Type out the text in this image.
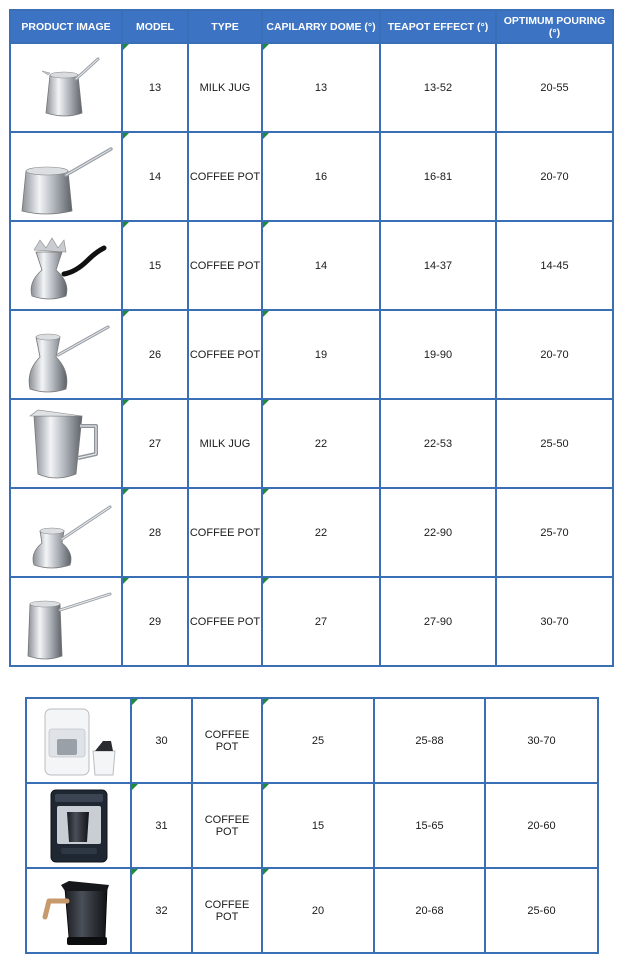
PRODUCT IMAGE	MODEL	TYPE	CAPILARRY DOME (°)	TEAPOT EFFECT (°)	OPTIMUM POURING (°)

13	MILK JUG	13	13-52	20-55

14	COFFEE POT	16	16-81	20-70

15	COFFEE POT	14	14-37	14-45

26	COFFEE POT	19	19-90	20-70

27	MILK JUG	22	22-53	25-50

28	COFFEE POT	22	22-90	25-70

29	COFFEE POT	27	27-90	30-70

30	COFFEE POT	25	25-88	30-70

31	COFFEE POT	15	15-65	20-60

32	COFFEE POT	20	20-68	25-60
